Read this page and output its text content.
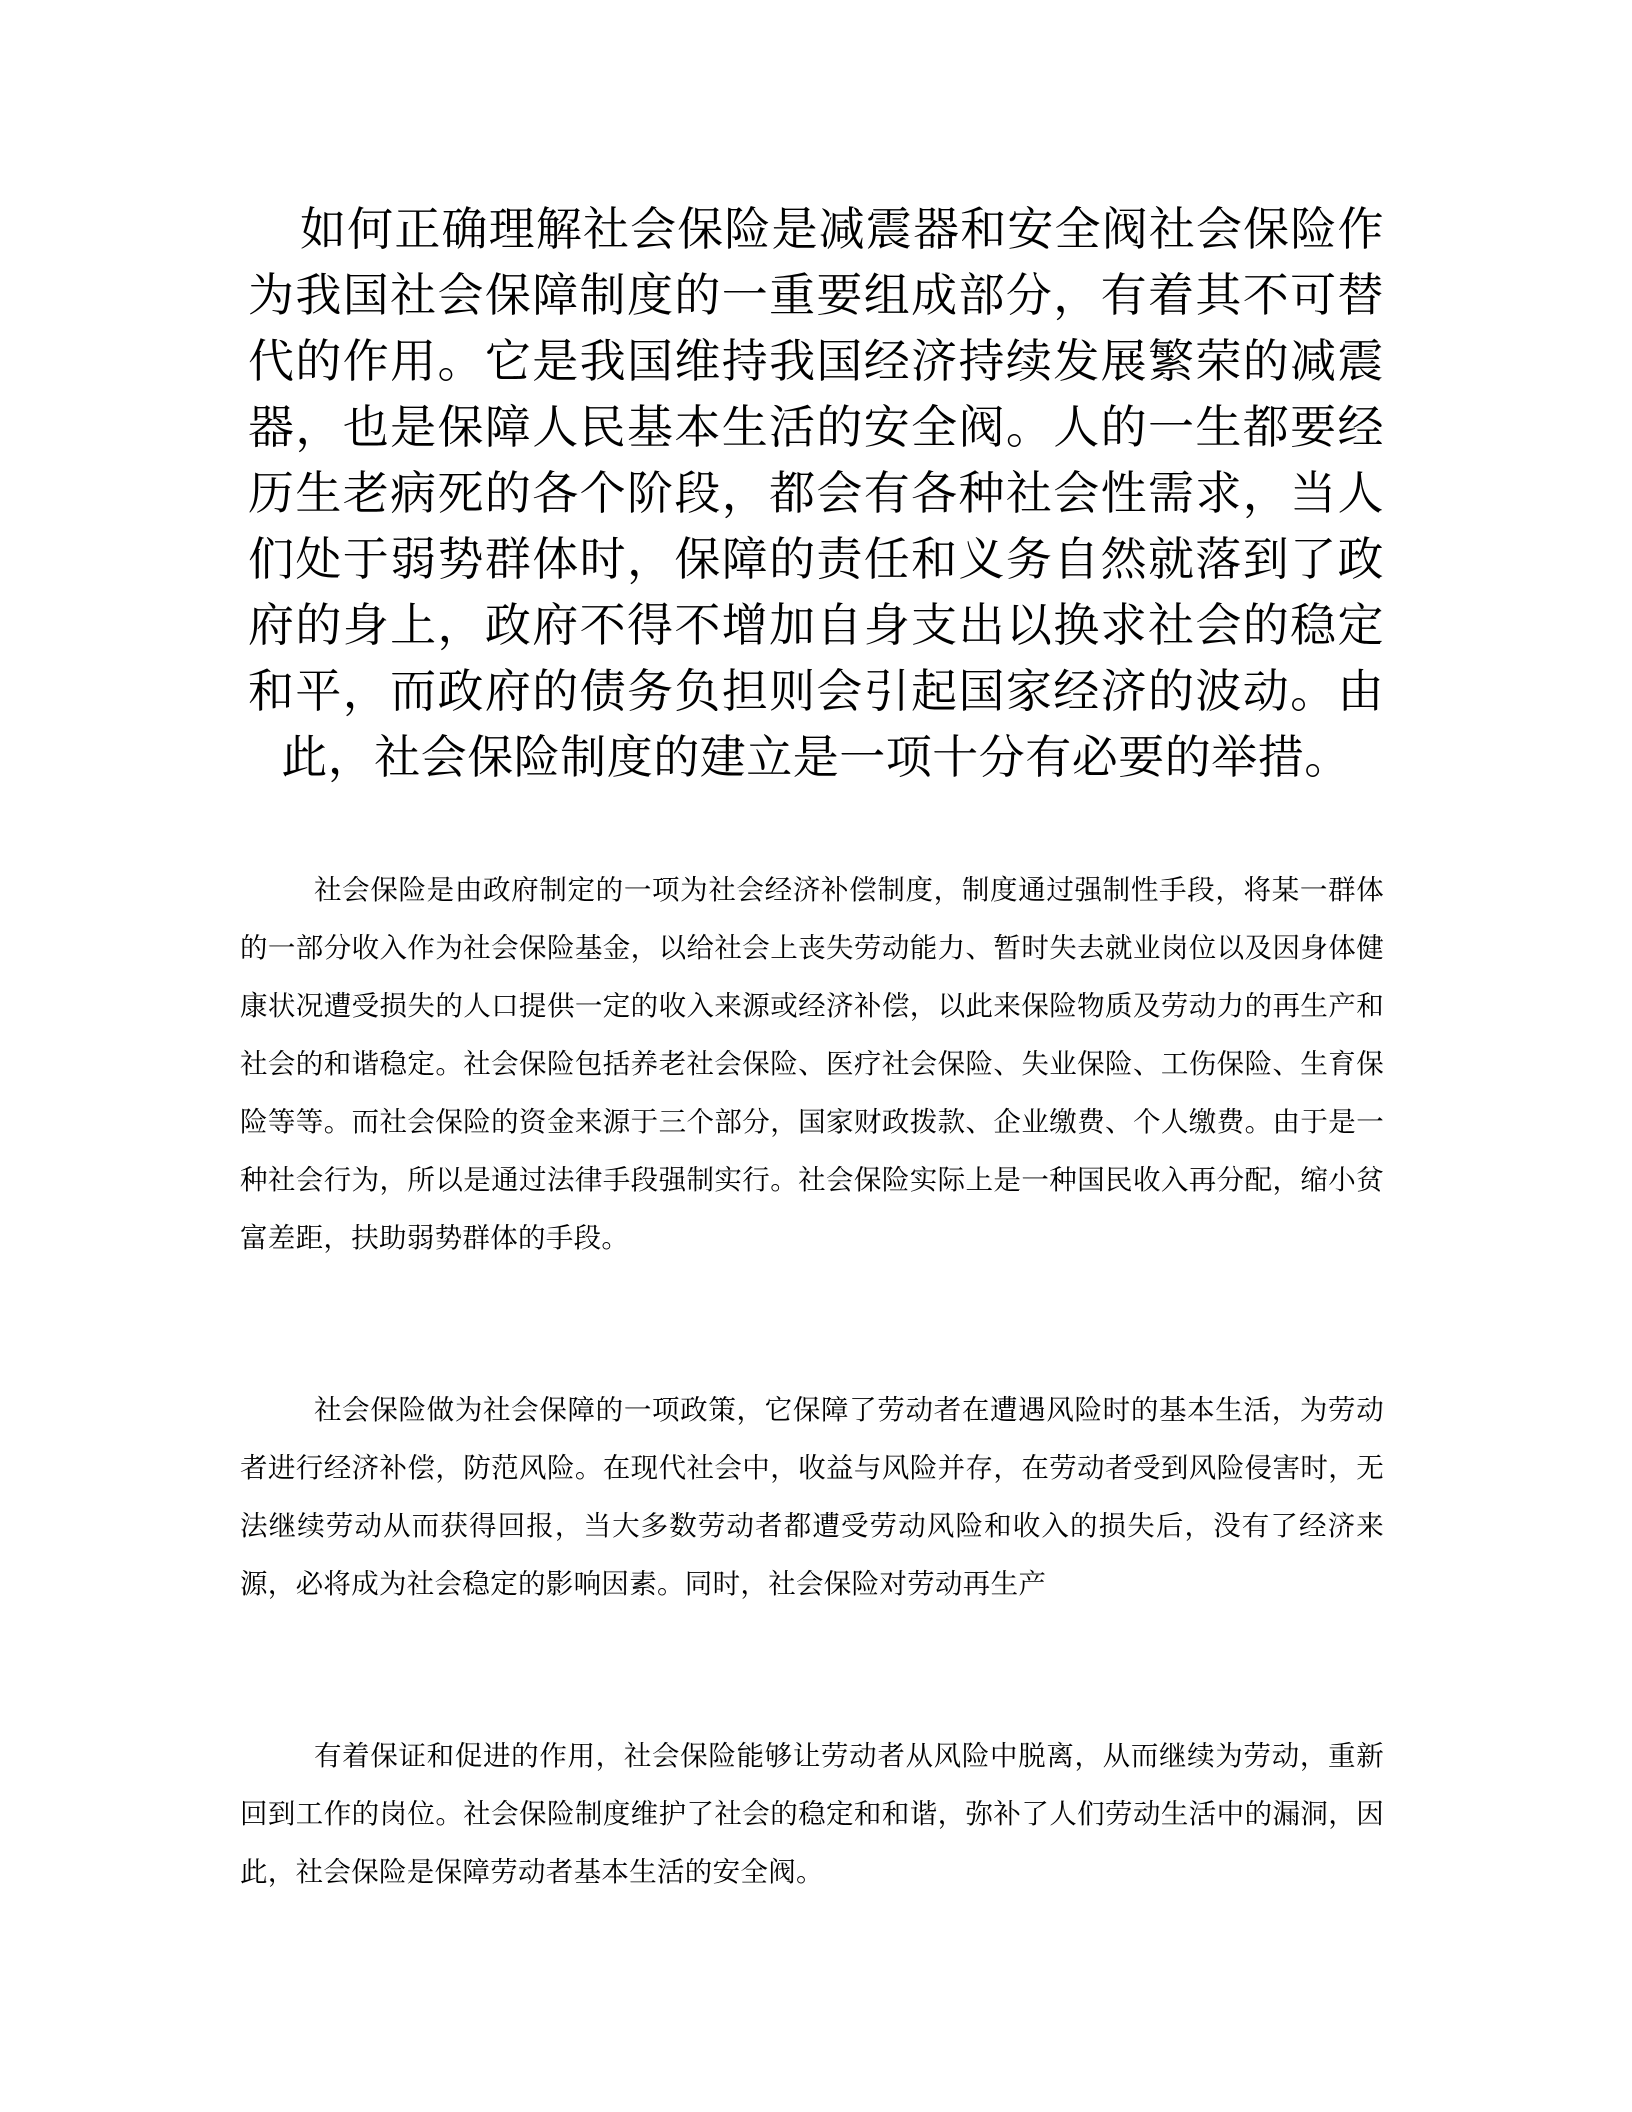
如何正确理解社会保险是减震器和安全阀社会保险作为我国社会保障制度的一重要组成部分，有着其不可替代的作用。它是我国维持我国经济持续发展繁荣的减震器，也是保障人民基本生活的安全阀。人的一生都要经历生老病死的各个阶段，都会有各种社会性需求，当人们处于弱势群体时，保障的责任和义务自然就落到了政府的身上，政府不得不增加自身支出以换求社会的稳定和平，而政府的债务负担则会引起国家经济的波动。由此，社会保险制度的建立是一项十分有必要的举措。

社会保险是由政府制定的一项为社会经济补偿制度，制度通过强制性手段，将某一群体的一部分收入作为社会保险基金，以给社会上丧失劳动能力、暂时失去就业岗位以及因身体健康状况遭受损失的人口提供一定的收入来源或经济补偿，以此来保险物质及劳动力的再生产和社会的和谐稳定。社会保险包括养老社会保险、医疗社会保险、失业保险、工伤保险、生育保险等等。而社会保险的资金来源于三个部分，国家财政拨款、企业缴费、个人缴费。由于是一种社会行为，所以是通过法律手段强制实行。社会保险实际上是一种国民收入再分配，缩小贫富差距，扶助弱势群体的手段。

社会保险做为社会保障的一项政策，它保障了劳动者在遭遇风险时的基本生活，为劳动者进行经济补偿，防范风险。在现代社会中，收益与风险并存，在劳动者受到风险侵害时，无法继续劳动从而获得回报，当大多数劳动者都遭受劳动风险和收入的损失后，没有了经济来源，必将成为社会稳定的影响因素。同时，社会保险对劳动再生产

有着保证和促进的作用，社会保险能够让劳动者从风险中脱离，从而继续为劳动，重新回到工作的岗位。社会保险制度维护了社会的稳定和和谐，弥补了人们劳动生活中的漏洞，因此，社会保险是保障劳动者基本生活的安全阀。
